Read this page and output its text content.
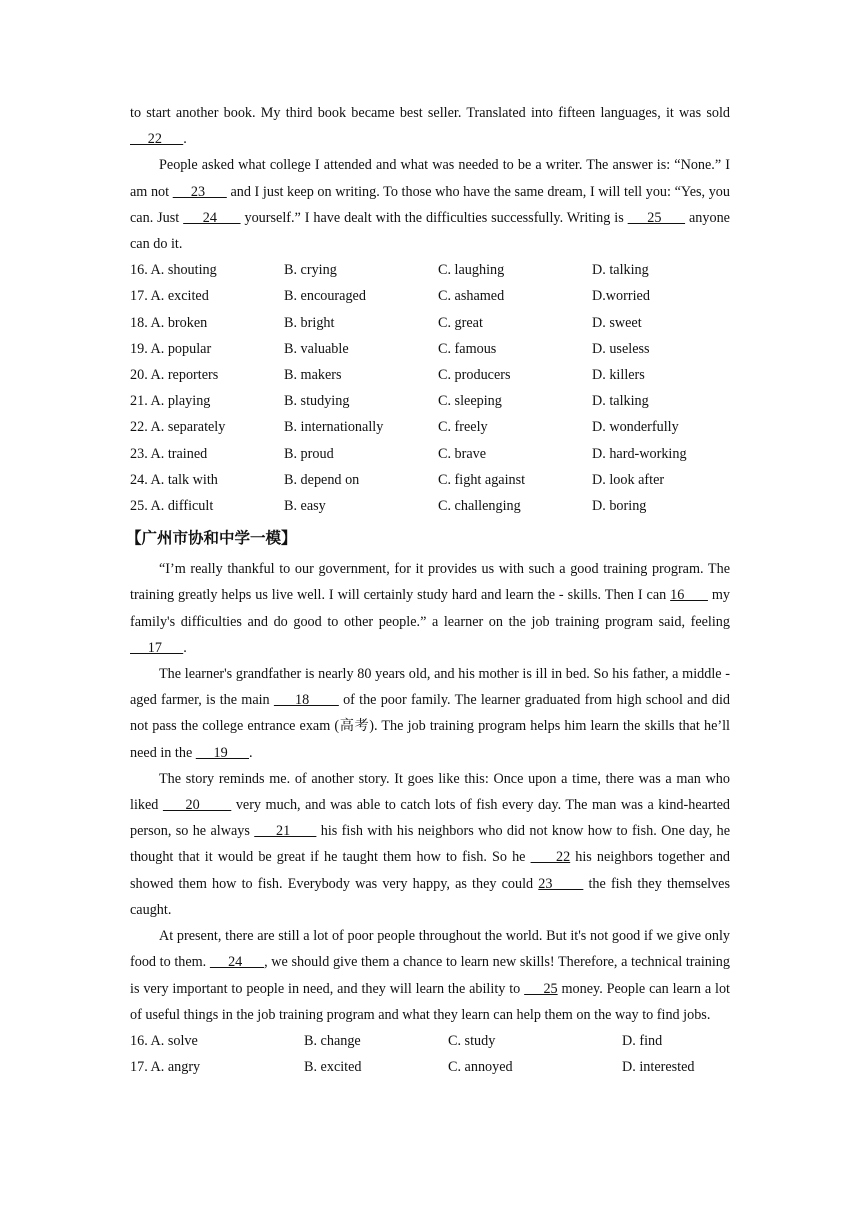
to start another book. My third book became best seller. Translated into fifteen languages, it was sold      22      .

People asked what college I attended and what was needed to be a writer. The answer is: “None.” I am not      23       and I just keep on writing. To those who have the same dream, I will tell you: “Yes, you can. Just      24       yourself.” I have dealt with the difficulties successfully. Writing is      25       anyone can do it.

16. A. shouting	B. crying	C. laughing	D. talking
17. A. excited	B. encouraged	C. ashamed	D.worried
18. A. broken	B. bright	C. great	D. sweet
19. A. popular	B. valuable	C. famous	D. useless
20. A. reporters	B. makers	C. producers	D. killers
21. A. playing	B. studying	C. sleeping	D. talking
22. A. separately	B. internationally	C. freely	D. wonderfully
23. A. trained	B. proud	C. brave	D. hard-working
24. A. talk with	B. depend on	C. fight against	D. look after
25. A. difficult	B. easy	C. challenging	D. boring
【广州市协和中学一模】

“I’m really thankful to our government, for it provides us with such a good training program. The training greatly helps us live well. I will certainly study hard and learn the - skills. Then I can 16       my family's difficulties and do good to other people.” a learner on the job training program said, feeling      17      .

The learner's grandfather is nearly 80 years old, and his mother is ill in bed. So his father, a middle - aged farmer, is the main      18        of the poor family. The learner graduated from high school and did not pass the college entrance exam (高考). The job training program helps him learn the skills that he’ll need in the      19      .

The story reminds me. of another story. It goes like this: Once upon a time, there was a man who liked      20        very much, and was able to catch lots of fish every day. The man was a kind-hearted person, so he always      21       his fish with his neighbors who did not know how to fish. One day, he thought that it would be great if he taught them how to fish. So he      22 his neighbors together and showed them how to fish. Everybody was very happy, as they could 23       the fish they themselves caught.

At present, there are still a lot of poor people throughout the world. But it's not good if we give only food to them.      24      , we should give them a chance to learn new skills! Therefore, a technical training is very important to people in need, and they will learn the ability to      25 money. People can learn a lot of useful things in the job training program and what they learn can help them on the way to find jobs.

16. A. solve	B. change	C. study	D. find
17. A. angry	B. excited	C. annoyed	D. interested
